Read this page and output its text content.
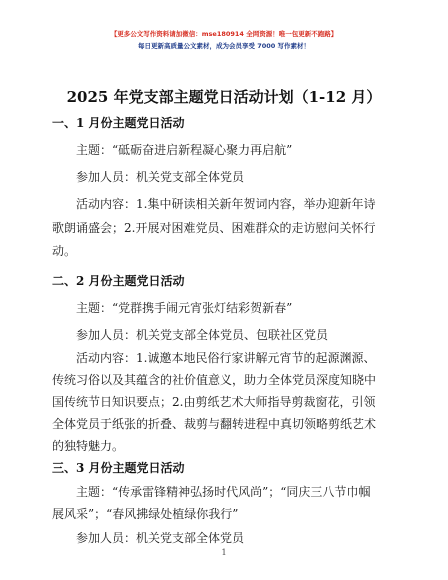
【更多公文写作资料请加微信：mse180914 全网资源！唯一包更新不跑路】
每日更新高质量公文素材，成为会员享受 7000 写作素材！
2025 年党支部主题党日活动计划（1-12 月）
一、1 月份主题党日活动
主题：“砥砺奋进启新程凝心聚力再启航”
参加人员：机关党支部全体党员
活动内容：1.集中研读相关新年贺词内容，举办迎新年诗
歌朗诵盛会；2.开展对困难党员、困难群众的走访慰问关怀行
动。
二、2 月份主题党日活动
主题：“党群携手闹元宵张灯结彩贺新春”
参加人员：机关党支部全体党员、包联社区党员
活动内容：1.诚邀本地民俗行家讲解元宵节的起源渊源、
传统习俗以及其蕴含的社价值意义，助力全体党员深度知晓中
国传统节日知识要点；2.由剪纸艺术大师指导剪裁窗花，引领
全体党员于纸张的折叠、裁剪与翻转进程中真切领略剪纸艺术
的独特魅力。
三、3 月份主题党日活动
主题：“传承雷锋精神弘扬时代风尚”；“同庆三八节巾帼
展风采”；“春风拂绿处植绿你我行”
1
参加人员：机关党支部全体党员
